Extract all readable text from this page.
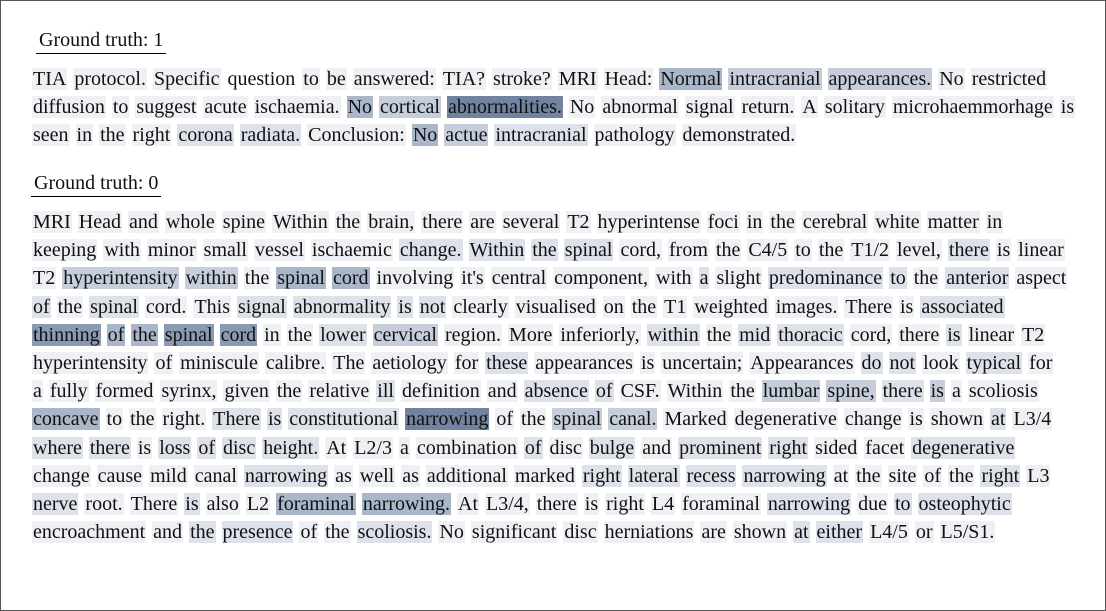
Ground truth: 1
TIA protocol. Specific question to be answered: TIA? stroke? MRI Head: Normal intracranial appearances. No restricted diffusion to suggest acute ischaemia. No cortical abnormalities. No abnormal signal return. A solitary microhaemmorhage is seen in the right corona radiata. Conclusion: No actue intracranial pathology demonstrated.
Ground truth: 0
MRI Head and whole spine Within the brain, there are several T2 hyperintense foci in the cerebral white matter in keeping with minor small vessel ischaemic change. Within the spinal cord, from the C4/5 to the T1/2 level, there is linear T2 hyperintensity within the spinal cord involving it's central component, with a slight predominance to the anterior aspect of the spinal cord. This signal abnormality is not clearly visualised on the T1 weighted images. There is associated thinning of the spinal cord in the lower cervical region. More inferiorly, within the mid thoracic cord, there is linear T2 hyperintensity of miniscule calibre. The aetiology for these appearances is uncertain; Appearances do not look typical for a fully formed syrinx, given the relative ill definition and absence of CSF. Within the lumbar spine, there is a scoliosis concave to the right. There is constitutional narrowing of the spinal canal. Marked degenerative change is shown at L3/4 where there is loss of disc height. At L2/3 a combination of disc bulge and prominent right sided facet degenerative change cause mild canal narrowing as well as additional marked right lateral recess narrowing at the site of the right L3 nerve root. There is also L2 foraminal narrowing. At L3/4, there is right L4 foraminal narrowing due to osteophytic encroachment and the presence of the scoliosis. No significant disc herniations are shown at either L4/5 or L5/S1.
